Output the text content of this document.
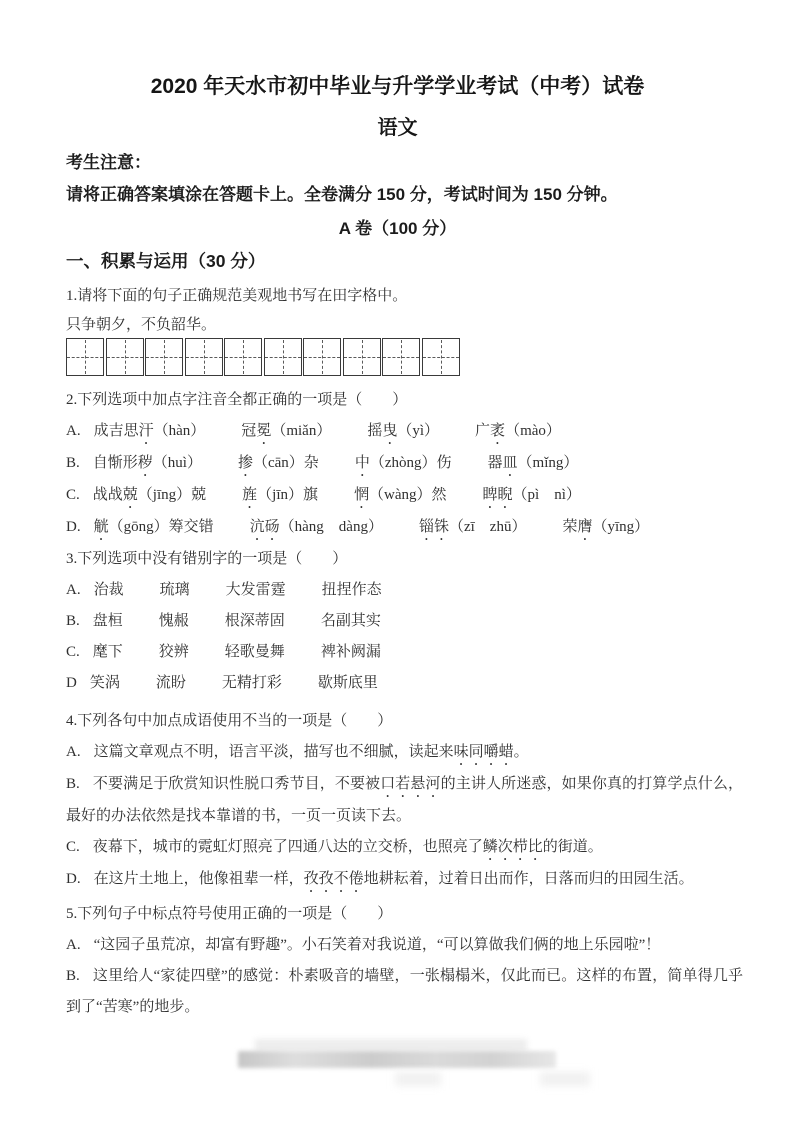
2020 年天水市初中毕业与升学学业考试（中考）试卷

语文

考生注意：

请将正确答案填涂在答题卡上。全卷满分 150 分，考试时间为 150 分钟。

A 卷（100 分）

一、积累与运用（30 分）

1.请将下面的句子正确规范美观地书写在田字格中。

只争朝夕，不负韶华。

2.下列选项中加点字注音全都正确的一项是（　　）

A. 成吉思汗（hàn） 冠冕（miǎn） 摇曳（yì） 广袤（mào）

B. 自惭形秽（huì） 掺（cān）杂 中（zhòng）伤 器皿（mǐng）

C. 战战兢（jīng）兢 旌（jīn）旗 惘（wàng）然 睥睨（pì　nì）

D. 觥（gōng）筹交错 沆砀（hàng　dàng） 锱铢（zī　zhū） 荣膺（yīng）

3.下列选项中没有错别字的一项是（　　）

A. 治裁 琉璃 大发雷霆 扭捏作态

B. 盘桓 愧赧 根深蒂固 名副其实

C. 麾下 狡辨 轻歌曼舞 裨补阙漏

D 笑涡 流盼 无精打彩 歇斯底里

4.下列各句中加点成语使用不当的一项是（　　）

A. 这篇文章观点不明，语言平淡，描写也不细腻，读起来味同嚼蜡。

B. 不要满足于欣赏知识性脱口秀节目，不要被口若悬河的主讲人所迷惑，如果你真的打算学点什么，最好的办法依然是找本靠谱的书，一页一页读下去。

C. 夜幕下，城市的霓虹灯照亮了四通八达的立交桥，也照亮了鳞次栉比的街道。

D. 在这片土地上，他像祖辈一样，孜孜不倦地耕耘着，过着日出而作，日落而归的田园生活。

5.下列句子中标点符号使用正确的一项是（　　）

A. “这园子虽荒凉，却富有野趣”。小石笑着对我说道，“可以算做我们俩的地上乐园啦”！

B. 这里给人“家徒四壁”的感觉：朴素吸音的墙壁，一张榻榻米，仅此而已。这样的布置，简单得几乎到了“苦寒”的地步。
